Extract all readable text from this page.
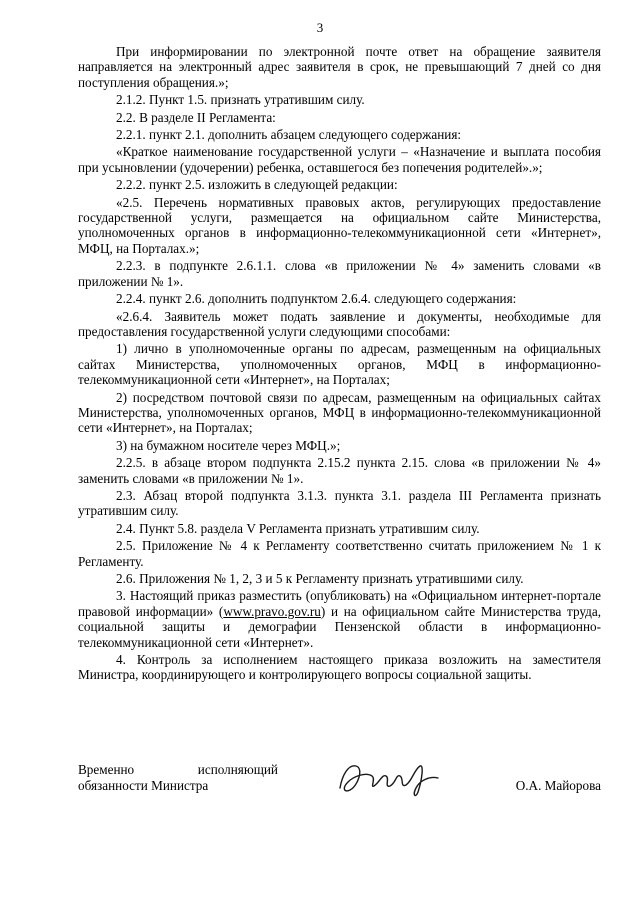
3

При информировании по электронной почте ответ на обращение заявителя направляется на электронный адрес заявителя в срок, не превышающий 7 дней со дня поступления обращения.»;

2.1.2. Пункт 1.5. признать утратившим силу.

2.2. В разделе II Регламента:

2.2.1. пункт 2.1. дополнить абзацем следующего содержания:

«Краткое наименование государственной услуги – «Назначение и выплата пособия при усыновлении (удочерении) ребенка, оставшегося без попечения родителей».»;

2.2.2. пункт 2.5. изложить в следующей редакции:

«2.5. Перечень нормативных правовых актов, регулирующих предоставление государственной услуги, размещается на официальном сайте Министерства, уполномоченных органов в информационно-телекоммуникационной сети «Интернет», МФЦ, на Порталах.»;

2.2.3. в подпункте 2.6.1.1. слова «в приложении № 4» заменить словами «в приложении № 1».

2.2.4. пункт 2.6. дополнить подпунктом 2.6.4. следующего содержания:

«2.6.4. Заявитель может подать заявление и документы, необходимые для предоставления государственной услуги следующими способами:

1) лично в уполномоченные органы по адресам, размещенным на официальных сайтах Министерства, уполномоченных органов, МФЦ в информационно-телекоммуникационной сети «Интернет», на Порталах;

2) посредством почтовой связи по адресам, размещенным на официальных сайтах Министерства, уполномоченных органов, МФЦ в информационно-телекоммуникационной сети «Интернет», на Порталах;

3) на бумажном носителе через МФЦ.»;

2.2.5. в абзаце втором подпункта 2.15.2 пункта 2.15. слова «в приложении № 4» заменить словами «в приложении № 1».

2.3. Абзац второй подпункта 3.1.3. пункта 3.1. раздела III Регламента признать утратившим силу.

2.4. Пункт 5.8. раздела V Регламента признать утратившим силу.

2.5. Приложение № 4 к Регламенту соответственно считать приложением № 1 к Регламенту.

2.6. Приложения № 1, 2, 3 и 5 к Регламенту признать утратившими силу.

3. Настоящий приказ разместить (опубликовать) на «Официальном интернет-портале правовой информации» (www.pravo.gov.ru) и на официальном сайте Министерства труда, социальной защиты и демографии Пензенской области в информационно-телекоммуникационной сети «Интернет».

4. Контроль за исполнением настоящего приказа возложить на заместителя Министра, координирующего и контролирующего вопросы социальной защиты.

Временно	исполняющий
обязанности Министра	О.А. Майорова
